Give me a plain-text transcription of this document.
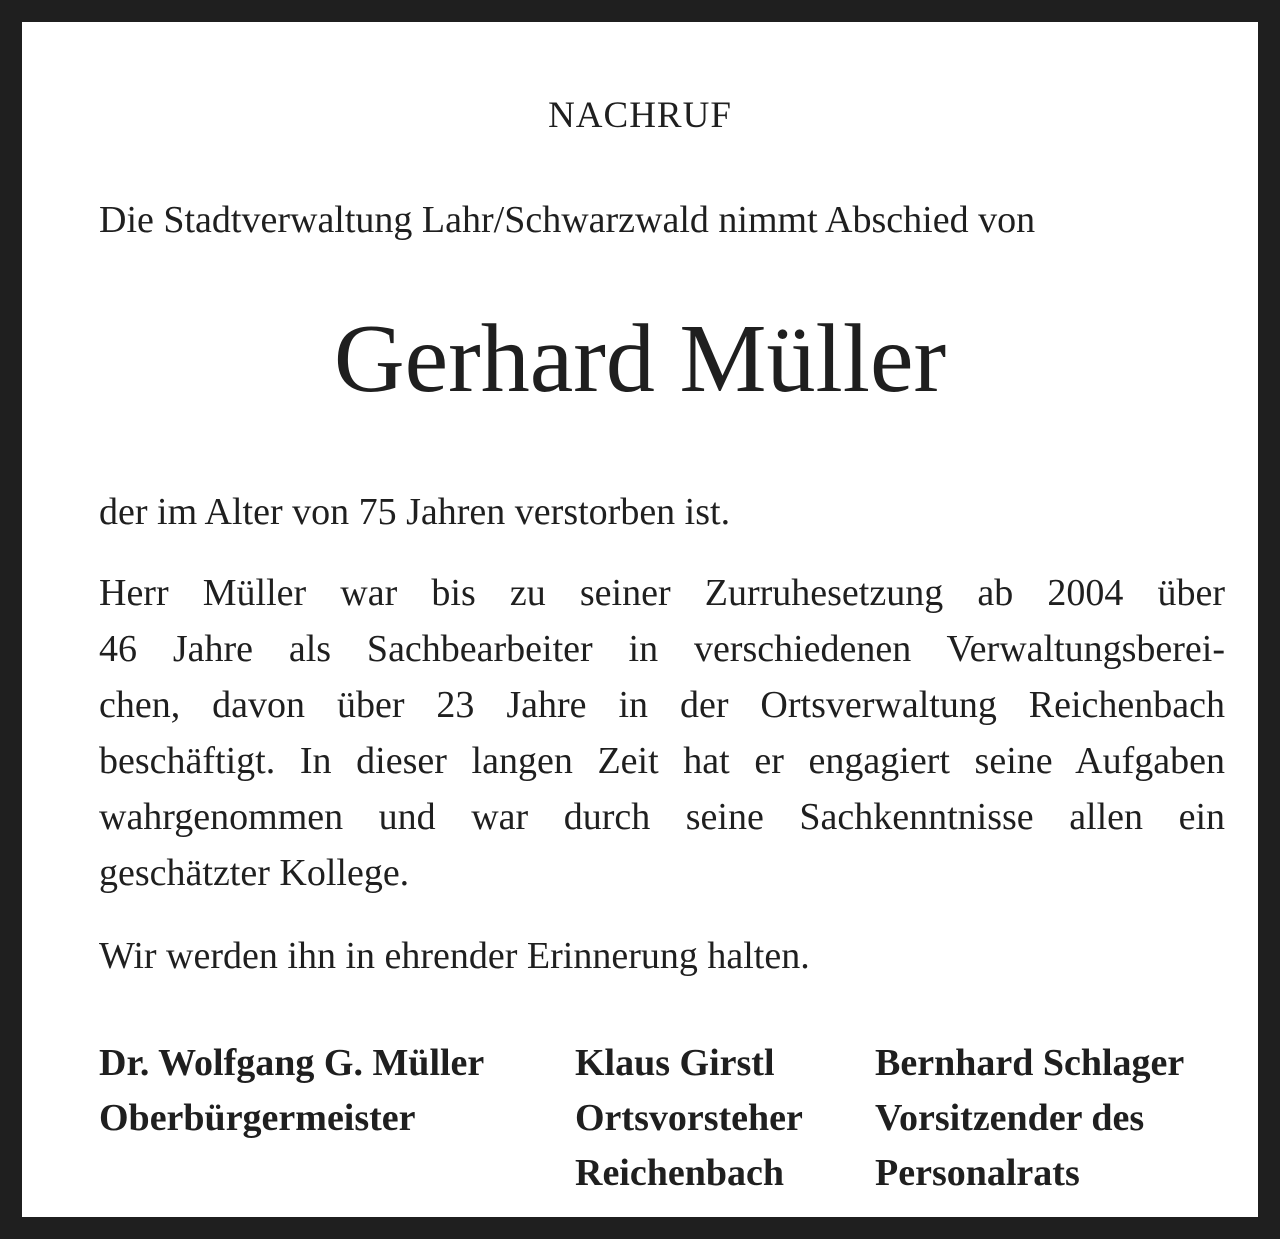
NACHRUF
Die Stadtverwaltung Lahr/Schwarzwald nimmt Abschied von
Gerhard Müller
der im Alter von 75 Jahren verstorben ist.
Herr Müller war bis zu seiner Zurruhesetzung ab 2004 über
46 Jahre als Sachbearbeiter in verschiedenen Verwaltungsberei-
chen, davon über 23 Jahre in der Ortsverwaltung Reichenbach
beschäftigt. In dieser langen Zeit hat er engagiert seine Aufgaben
wahrgenommen und war durch seine Sachkenntnisse allen ein
geschätzter Kollege.
Wir werden ihn in ehrender Erinnerung halten.
Dr. Wolfgang G. Müller
Oberbürgermeister
Klaus Girstl
Ortsvorsteher
Reichenbach
Bernhard Schlager
Vorsitzender des
Personalrats
